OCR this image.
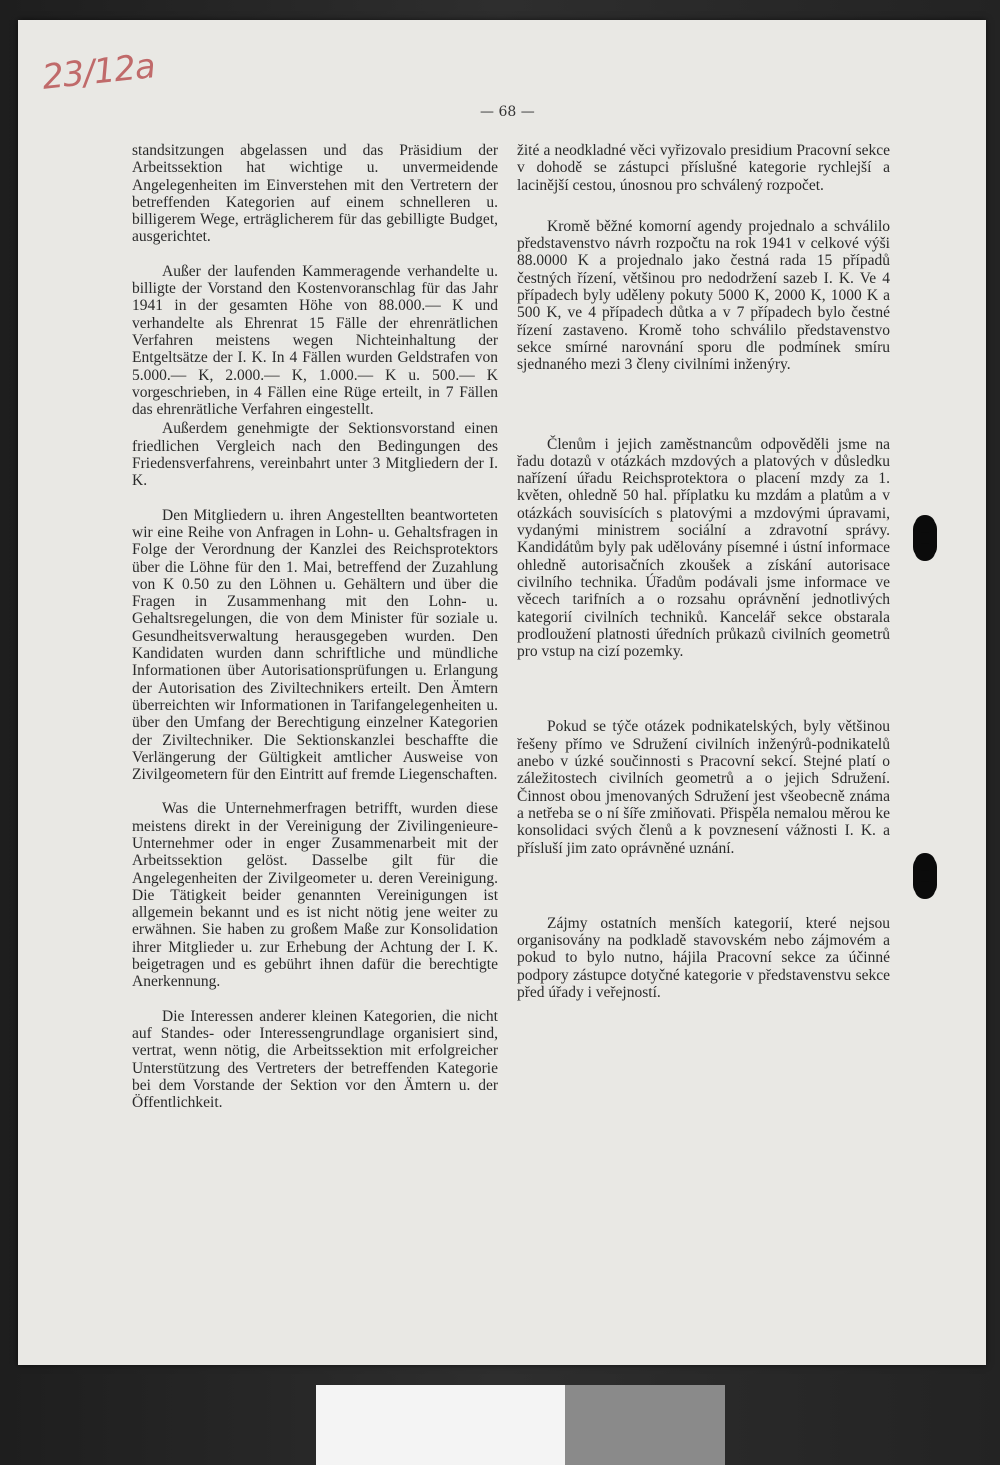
23/12a
— 68 —

standsitzungen abgelassen und das Präsidium der Arbeitssektion hat wichtige u. unvermeidende Angelegenheiten im Einverstehen mit den Vertretern der betreffenden Kategorien auf einem schnelleren u. billigerem Wege, erträglicherem für das gebilligte Budget, ausgerichtet.

Außer der laufenden Kammeragende verhandelte u. billigte der Vorstand den Kostenvoranschlag für das Jahr 1941 in der gesamten Höhe von 88.000.— K und verhandelte als Ehrenrat 15 Fälle der ehrenrätlichen Verfahren meistens wegen Nichteinhaltung der Entgeltsätze der I. K. In 4 Fällen wurden Geldstrafen von 5.000.— K, 2.000.— K, 1.000.— K u. 500.— K vorgeschrieben, in 4 Fällen eine Rüge erteilt, in 7 Fällen das ehrenrätliche Verfahren eingestellt.

Außerdem genehmigte der Sektionsvorstand einen friedlichen Vergleich nach den Bedingungen des Friedensverfahrens, vereinbahrt unter 3 Mitgliedern der I. K.

Den Mitgliedern u. ihren Angestellten beantworteten wir eine Reihe von Anfragen in Lohn- u. Gehaltsfragen in Folge der Verordnung der Kanzlei des Reichsprotektors über die Löhne für den 1. Mai, betreffend der Zuzahlung von K 0.50 zu den Löhnen u. Gehältern und über die Fragen in Zusammenhang mit den Lohn- u. Gehaltsregelungen, die von dem Minister für soziale u. Gesundheitsverwaltung herausgegeben wurden. Den Kandidaten wurden dann schriftliche und mündliche Informationen über Autorisationsprüfungen u. Erlangung der Autorisation des Ziviltechnikers erteilt. Den Ämtern überreichten wir Informationen in Tarifangelegenheiten u. über den Umfang der Berechtigung einzelner Kategorien der Ziviltechniker. Die Sektionskanzlei beschaffte die Verlängerung der Gültigkeit amtlicher Ausweise von Zivilgeometern für den Eintritt auf fremde Liegenschaften.

Was die Unternehmerfragen betrifft, wurden diese meistens direkt in der Vereinigung der Zivilingenieure-Unternehmer oder in enger Zusammenarbeit mit der Arbeitssektion gelöst. Dasselbe gilt für die Angelegenheiten der Zivilgeometer u. deren Vereinigung. Die Tätigkeit beider genannten Vereinigungen ist allgemein bekannt und es ist nicht nötig jene weiter zu erwähnen. Sie haben zu großem Maße zur Konsolidation ihrer Mitglieder u. zur Erhebung der Achtung der I. K. beigetragen und es gebührt ihnen dafür die berechtigte Anerkennung.

Die Interessen anderer kleinen Kategorien, die nicht auf Standes- oder Interessengrundlage organisiert sind, vertrat, wenn nötig, die Arbeitssektion mit erfolgreicher Unterstützung des Vertreters der betreffenden Kategorie bei dem Vorstande der Sektion vor den Ämtern u. der Öffentlichkeit.

žité a neodkladné věci vyřizovalo presidium Pracovní sekce v dohodě se zástupci příslušné kategorie rychlejší a lacinější cestou, únosnou pro schválený rozpočet.

Kromě běžné komorní agendy projednalo a schválilo představenstvo návrh rozpočtu na rok 1941 v celkové výši 88.0000 K a projednalo jako čestná rada 15 případů čestných řízení, většinou pro nedodržení sazeb I. K. Ve 4 případech byly uděleny pokuty 5000 K, 2000 K, 1000 K a 500 K, ve 4 případech důtka a v 7 případech bylo čestné řízení zastaveno. Kromě toho schválilo představenstvo sekce smírné narovnání sporu dle podmínek smíru sjednaného mezi 3 členy civilními inženýry.

Členům i jejich zaměstnancům odpověděli jsme na řadu dotazů v otázkách mzdových a platových v důsledku nařízení úřadu Reichsprotektora o placení mzdy za 1. květen, ohledně 50 hal. příplatku ku mzdám a platům a v otázkách souvisících s platovými a mzdovými úpravami, vydanými ministrem sociální a zdravotní správy. Kandidátům byly pak udělovány písemné i ústní informace ohledně autorisačních zkoušek a získání autorisace civilního technika. Úřadům podávali jsme informace ve věcech tarifních a o rozsahu oprávnění jednotlivých kategorií civilních techniků. Kancelář sekce obstarala prodloužení platnosti úředních průkazů civilních geometrů pro vstup na cizí pozemky.

Pokud se týče otázek podnikatelských, byly většinou řešeny přímo ve Sdružení civilních inženýrů-podnikatelů anebo v úzké součinnosti s Pracovní sekcí. Stejné platí o záležitostech civilních geometrů a o jejich Sdružení. Činnost obou jmenovaných Sdružení jest všeobecně známa a netřeba se o ní šíře zmiňovati. Přispěla nemalou měrou ke konsolidaci svých členů a k povznesení vážnosti I. K. a přísluší jim zato oprávněné uznání.

Zájmy ostatních menších kategorií, které nejsou organisovány na podkladě stavovském nebo zájmovém a pokud to bylo nutno, hájila Pracovní sekce za účinné podpory zástupce dotyčné kategorie v představenstvu sekce před úřady i veřejností.
